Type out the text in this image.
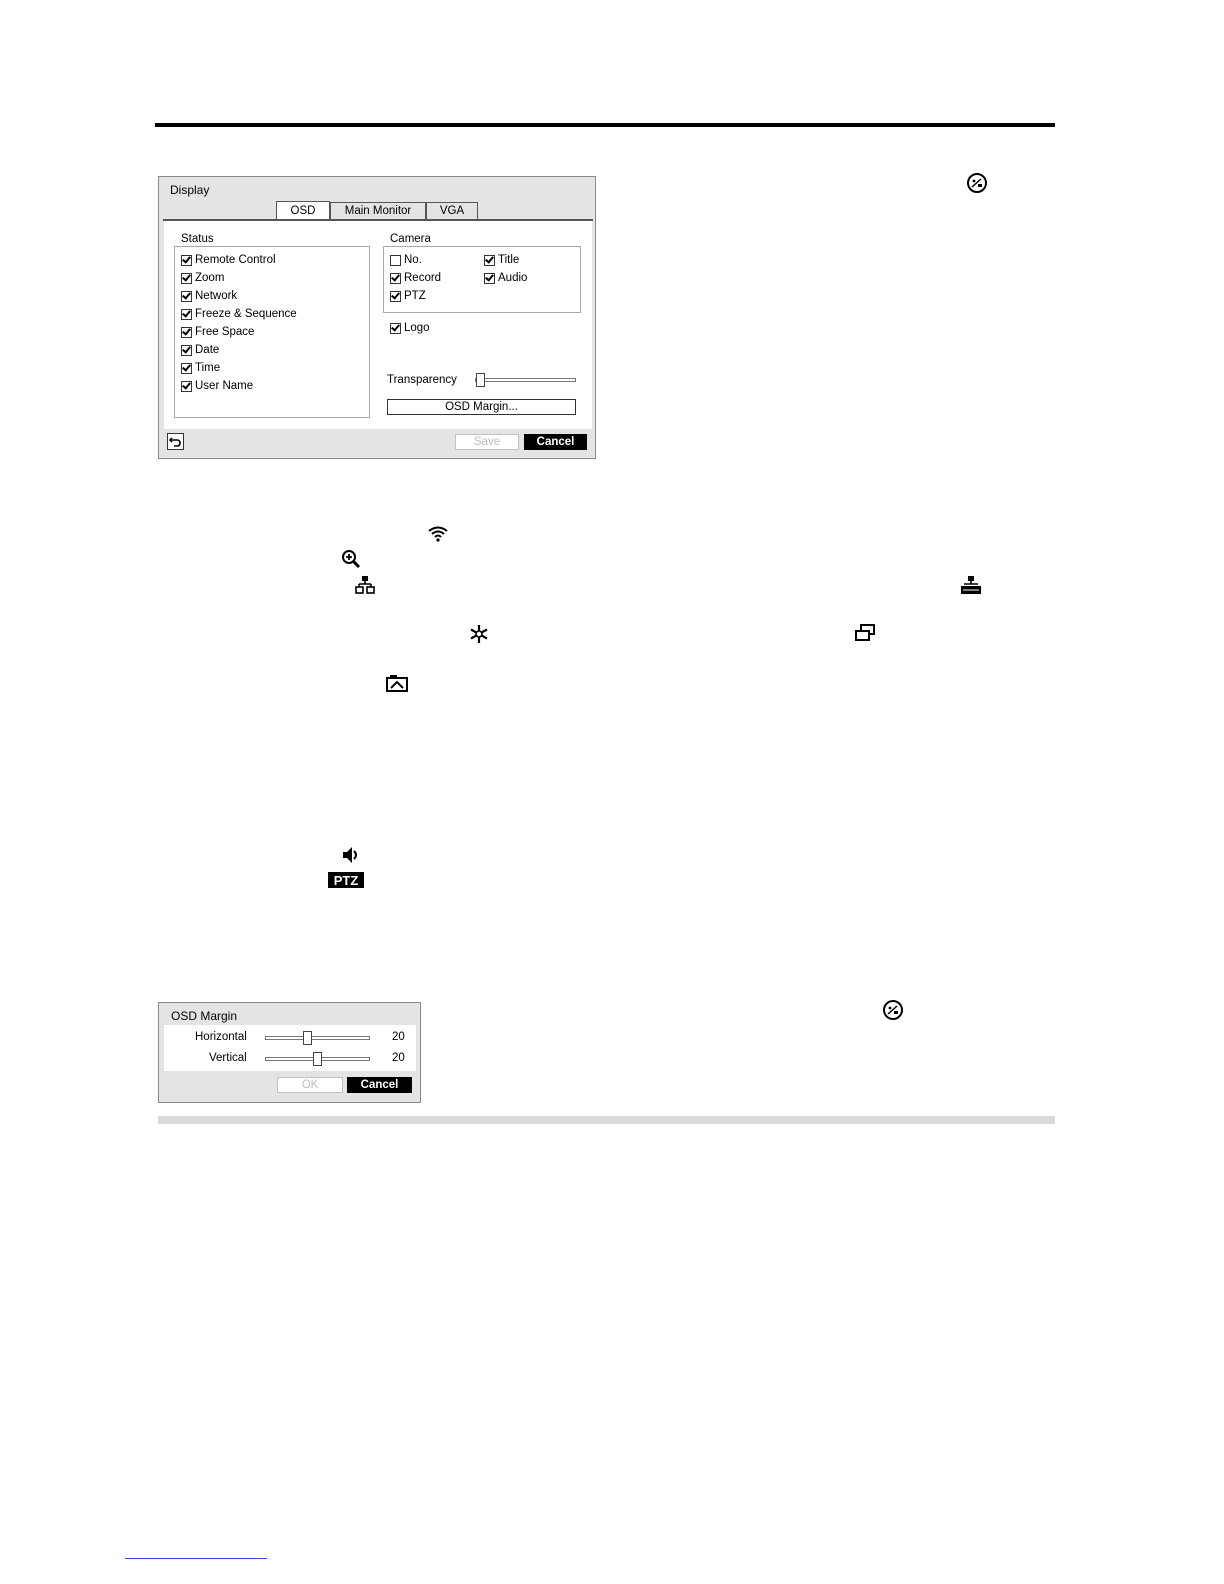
Display
OSD	Main Monitor	VGA
Status
Remote Control
Zoom
Network
Freeze & Sequence
Free Space
Date
Time
User Name
Camera
No.	Title
Record	Audio
PTZ
Logo
Transparency
OSD Margin...
Save	Cancel
PTZ
OSD Margin
Horizontal	20
Vertical	20
OK	Cancel
